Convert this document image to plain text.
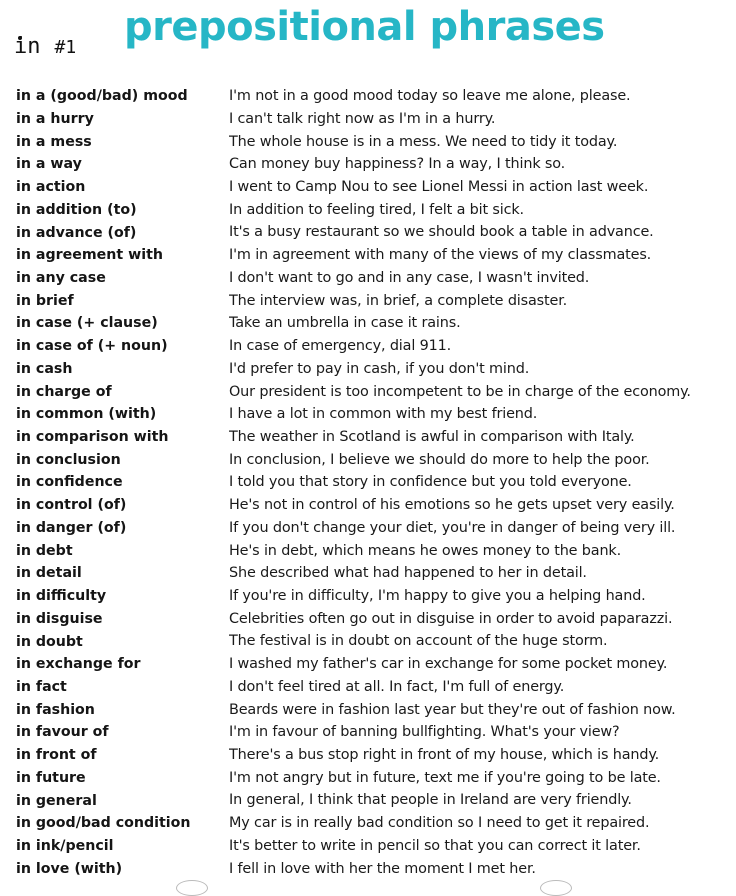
prepositional phrases
in #1
in a (good/bad) mood	I'm not in a good mood today so leave me alone, please.
in a hurry	I can't talk right now as I'm in a hurry.
in a mess	The whole house is in a mess. We need to tidy it today.
in a way	Can money buy happiness? In a way, I think so.
in action	I went to Camp Nou to see Lionel Messi in action last week.
in addition (to)	In addition to feeling tired, I felt a bit sick.
in advance (of)	It's a busy restaurant so we should book a table in advance.
in agreement with	I'm in agreement with many of the views of my classmates.
in any case	I don't want to go and in any case, I wasn't invited.
in brief	The interview was, in brief, a complete disaster.
in case (+ clause)	Take an umbrella in case it rains.
in case of (+ noun)	In case of emergency, dial 911.
in cash	I'd prefer to pay in cash, if you don't mind.
in charge of	Our president is too incompetent to be in charge of the economy.
in common (with)	I have a lot in common with my best friend.
in comparison with	The weather in Scotland is awful in comparison with Italy.
in conclusion	In conclusion, I believe we should do more to help the poor.
in confidence	I told you that story in confidence but you told everyone.
in control (of)	He's not in control of his emotions so he gets upset very easily.
in danger (of)	If you don't change your diet, you're in danger of being very ill.
in debt	He's in debt, which means he owes money to the bank.
in detail	She described what had happened to her in detail.
in difficulty	If you're in difficulty, I'm happy to give you a helping hand.
in disguise	Celebrities often go out in disguise in order to avoid paparazzi.
in doubt	The festival is in doubt on account of the huge storm.
in exchange for	I washed my father's car in exchange for some pocket money.
in fact	I don't feel tired at all. In fact, I'm full of energy.
in fashion	Beards were in fashion last year but they're out of fashion now.
in favour of	I'm in favour of banning bullfighting. What's your view?
in front of	There's a bus stop right in front of my house, which is handy.
in future	I'm not angry but in future, text me if you're going to be late.
in general	In general, I think that people in Ireland are very friendly.
in good/bad condition	My car is in really bad condition so I need to get it repaired.
in ink/pencil	It's better to write in pencil so that you can correct it later.
in love (with)	I fell in love with her the moment I met her.
